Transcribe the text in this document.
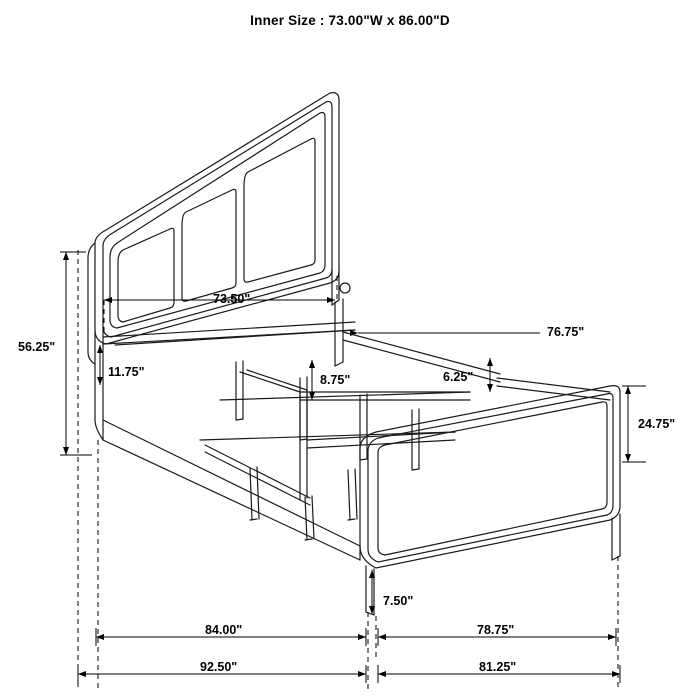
Inner Size : 73.00"W x 86.00"D
73.50"
56.25"
11.75"
8.75"	6.25"
76.75"
24.75"
7.50"
84.00"	78.75"
92.50"	81.25"
